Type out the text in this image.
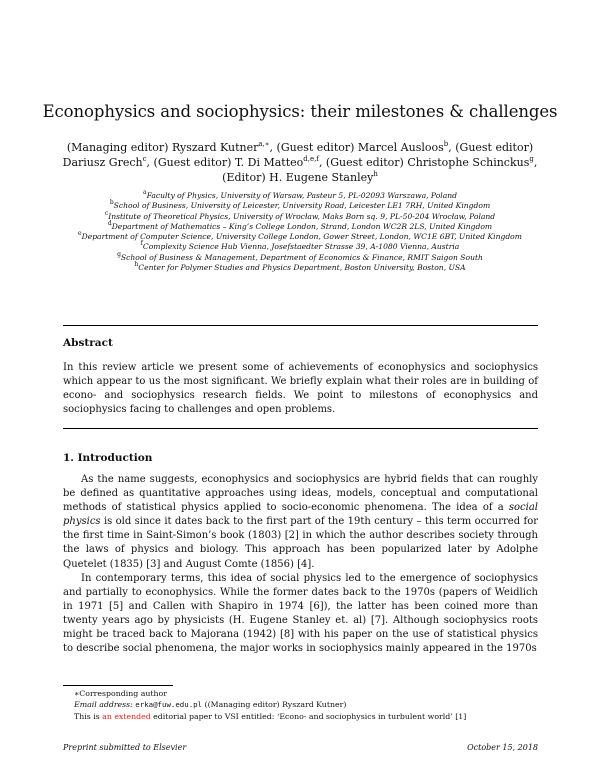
Econophysics and sociophysics: their milestones & challenges
(Managing editor) Ryszard Kutner$^{a,∗}$, (Guest editor) Marcel Ausloos$^b$, (Guest editor)
Dariusz Grech$^c$, (Guest editor) T. Di Matteo$^{d,e,f}$, (Guest editor) Christophe Schinckus$^g$,
(Editor) H. Eugene Stanley$^h$
$^a$Faculty of Physics, University of Warsaw, Pasteur 5, PL-02093 Warszawa, Poland
$^b$School of Business, University of Leicester, University Road, Leicester LE1 7RH, United Kingdom
$^c$Institute of Theoretical Physics, University of Wrocław, Maks Born sq. 9, PL-50-204 Wrocław, Poland
$^d$Department of Mathematics – King’s College London, Strand, London WC2R 2LS, United Kingdom
$^e$Department of Computer Science, University College London, Gower Street, London, WC1E 6BT, United Kingdom
$^f$Complexity Science Hub Vienna, Josefstaedter Strasse 39, A-1080 Vienna, Austria
$^g$School of Business & Management, Department of Economics & Finance, RMIT Saigon South
$^h$Center for Polymer Studies and Physics Department, Boston University, Boston, USA
Abstract
In this review article we present some of achievements of econophysics and sociophysics which appear to us the most significant. We briefly explain what their roles are in building of econo- and sociophysics research fields. We point to milestons of econophysics and sociophysics facing to challenges and open problems.
1. Introduction

As the name suggests, econophysics and sociophysics are hybrid fields that can roughly be defined as quantitative approaches using ideas, models, conceptual and computational methods of statistical physics applied to socio-economic phenomena. The idea of a social physics is old since it dates back to the first part of the 19th century – this term occurred for the first time in Saint-Simon’s book (1803) [2] in which the author describes society through the laws of physics and biology. This approach has been popularized later by Adolphe Quetelet (1835) [3] and August Comte (1856) [4].

In contemporary terms, this idea of social physics led to the emergence of sociophysics and partially to econophysics. While the former dates back to the 1970s (papers of Weidlich in 1971 [5] and Callen with Shapiro in 1974 [6]), the latter has been coined more than twenty years ago by physicists (H. Eugene Stanley et. al) [7]. Although sociophysics roots might be traced back to Majorana (1942) [8] with his paper on the use of statistical physics to describe social phenomena, the major works in sociophysics mainly appeared in the 1970s

∗Corresponding author
Email address: erka@fuw.edu.pl ((Managing editor) Ryszard Kutner)
This is an extended editorial paper to VSI entitled: ‘Econo- and sociophysics in turbulent world’ [1]
Preprint submitted to Elsevier	October 15, 2018
